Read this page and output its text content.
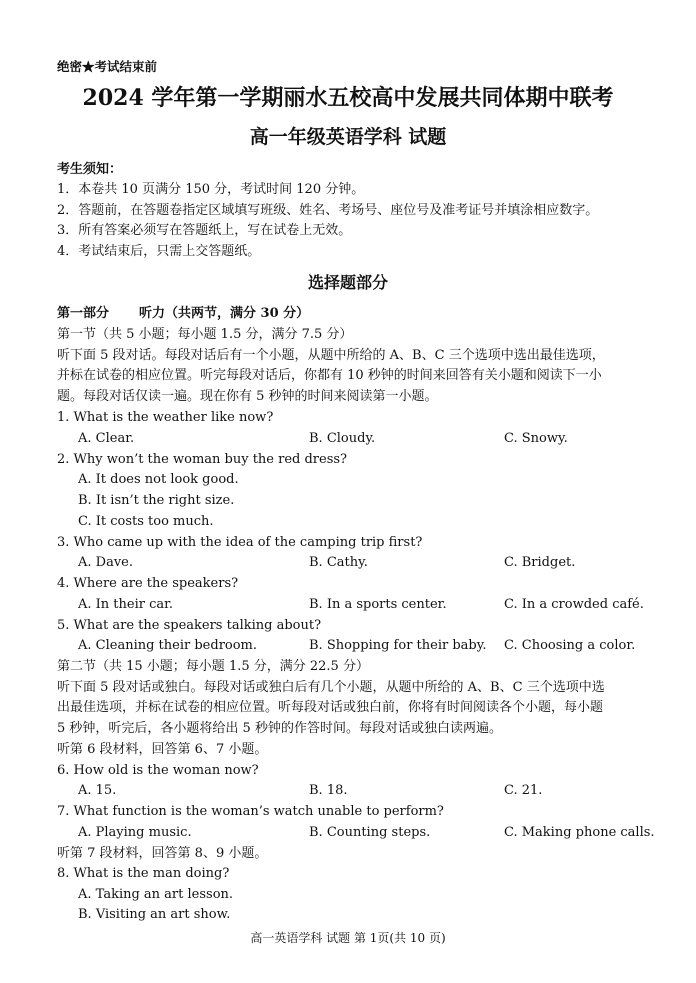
绝密★考试结束前
2024 学年第一学期丽水五校高中发展共同体期中联考
高一年级英语学科 试题
考生须知：
1．本卷共 10 页满分 150 分，考试时间 120 分钟。
2．答题前，在答题卷指定区域填写班级、姓名、考场号、座位号及准考证号并填涂相应数字。
3．所有答案必须写在答题纸上，写在试卷上无效。
4．考试结束后，只需上交答题纸。
选择题部分
第一部分 听力（共两节，满分 30 分）
第一节（共 5 小题；每小题 1.5 分，满分 7.5 分）
听下面 5 段对话。每段对话后有一个小题，从题中所给的 A、B、C 三个选项中选出最佳选项，
并标在试卷的相应位置。听完每段对话后，你都有 10 秒钟的时间来回答有关小题和阅读下一小
题。每段对话仅读一遍。现在你有 5 秒钟的时间来阅读第一小题。
1. What is the weather like now?
A. Clear.	B. Cloudy.	C. Snowy.
2. Why won’t the woman buy the red dress?
A. It does not look good.
B. It isn’t the right size.
C. It costs too much.
3. Who came up with the idea of the camping trip first?
A. Dave.	B. Cathy.	C. Bridget.
4. Where are the speakers?
A. In their car.	B. In a sports center.	C. In a crowded café.
5. What are the speakers talking about?
A. Cleaning their bedroom.	B. Shopping for their baby. C. Choosing a color.
第二节（共 15 小题；每小题 1.5 分，满分 22.5 分）
听下面 5 段对话或独白。每段对话或独白后有几个小题，从题中所给的 A、B、C 三个选项中选
出最佳选项，并标在试卷的相应位置。听每段对话或独白前，你将有时间阅读各个小题，每小题
5 秒钟，听完后，各小题将给出 5 秒钟的作答时间。每段对话或独白读两遍。
听第 6 段材料，回答第 6、7 小题。
6. How old is the woman now?
A. 15.	B. 18.	C. 21.
7. What function is the woman’s watch unable to perform?
A. Playing music.	B. Counting steps.	C. Making phone calls.
听第 7 段材料，回答第 8、9 小题。
8. What is the man doing?
A. Taking an art lesson.
B. Visiting an art show.
高一英语学科 试题 第 1页(共 10 页)
